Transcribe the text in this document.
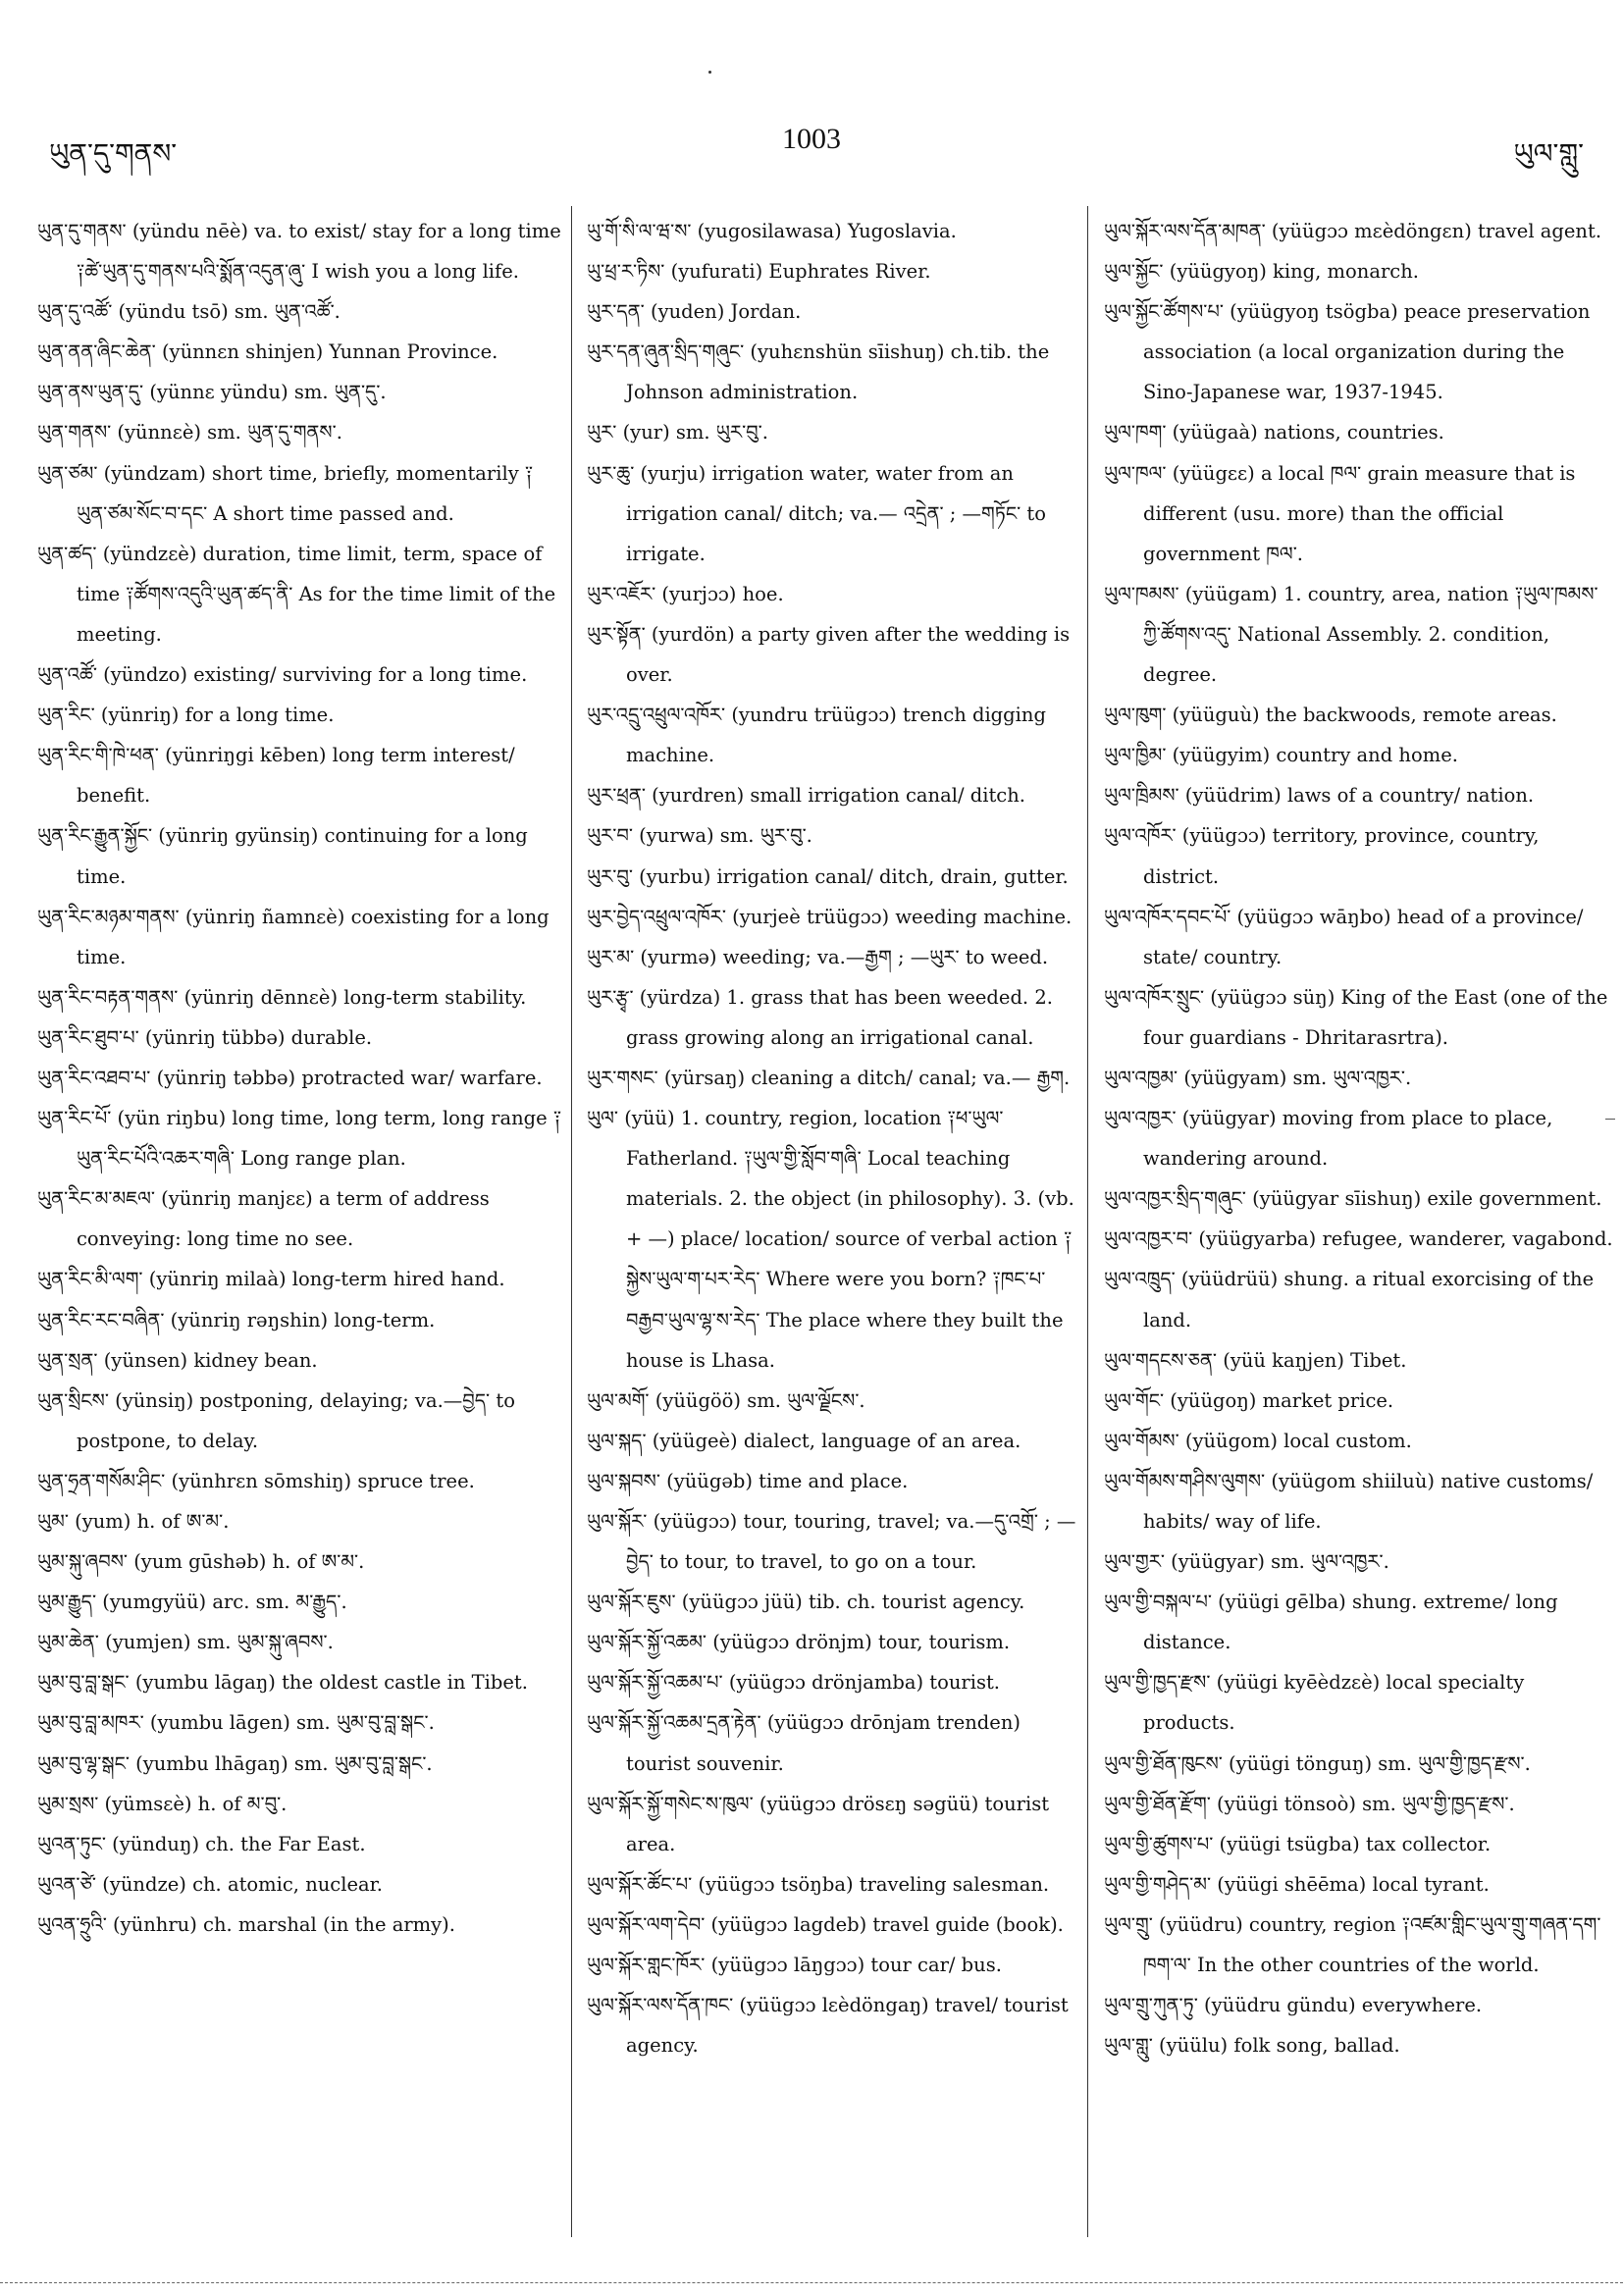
ཡུན་དུ་གནས་	1003	ཡུལ་གླུ་

ཡུན་དུ་གནས་ (yündu nēè) va. to exist/ stay for a long time ༑ཚེ་ཡུན་དུ་གནས་པའི་སྨོན་འདུན་ཞུ་ I wish you a long life.

ཡུན་དུ་འཚོ་ (yündu tsō) sm. ཡུན་འཚོ་.

ཡུན་ནན་ཞིང་ཆེན་ (yünnɛn shinjen) Yunnan Province.

ཡུན་ནས་ཡུན་དུ་ (yünnɛ yündu) sm. ཡུན་དུ་.

ཡུན་གནས་ (yünnɛè) sm. ཡུན་དུ་གནས་.

ཡུན་ཙམ་ (yündzam) short time, briefly, momentarily ༑ཡུན་ཙམ་སོང་བ་དང་ A short time passed and.

ཡུན་ཚད་ (yündzɛè) duration, time limit, term, space of time ༑ཚོགས་འདུའི་ཡུན་ཚད་ནི་ As for the time limit of the meeting.

ཡུན་འཚོ་ (yündzo) existing/ surviving for a long time.

ཡུན་རིང་ (yünriŋ) for a long time.

ཡུན་རིང་གི་ཁེ་ཕན་ (yünriŋgi kēben) long term interest/ benefit.

ཡུན་རིང་རྒྱུན་སྐྱོང་ (yünriŋ gyünsiŋ) continuing for a long time.

ཡུན་རིང་མཉམ་གནས་ (yünriŋ ñamnɛè) coexisting for a long time.

ཡུན་རིང་བརྟན་གནས་ (yünriŋ dēnnɛè) long-term stability.

ཡུན་རིང་ཐུབ་པ་ (yünriŋ tübbə) durable.

ཡུན་རིང་འཐབ་པ་ (yünriŋ təbbə) protracted war/ warfare.

ཡུན་རིང་པོ་ (yün riŋbu) long time, long term, long range ༑ཡུན་རིང་པོའི་འཆར་གཞི་ Long range plan.

ཡུན་རིང་མ་མཇལ་ (yünriŋ manjɛɛ) a term of address conveying: long time no see.

ཡུན་རིང་མི་ལག་ (yünriŋ milaà) long-term hired hand.

ཡུན་རིང་རང་བཞིན་ (yünriŋ rəŋshin) long-term.

ཡུན་སྲན་ (yünsen) kidney bean.

ཡུན་སྲིངས་ (yünsiŋ) postponing, delaying; va.—བྱེད་ to postpone, to delay.

ཡུན་ཧྲན་གསོམ་ཤིང་ (yünhrɛn sōmshiŋ) spruce tree.

ཡུམ་ (yum) h. of ཨ་མ་.

ཡུམ་སྐུ་ཞབས་ (yum gūshəb) h. of ཨ་མ་.

ཡུམ་རྒྱུད་ (yumgyüü) arc. sm. མ་རྒྱུད་.

ཡུམ་ཆེན་ (yumjen) sm. ཡུམ་སྐུ་ཞབས་.

ཡུམ་བུ་བླ་སྒང་ (yumbu lāgaŋ) the oldest castle in Tibet.

ཡུམ་བུ་བླ་མཁར་ (yumbu lāgen) sm. ཡུམ་བུ་བླ་སྒང་.

ཡུམ་བུ་ལྷ་སྒང་ (yumbu lhāgaŋ) sm. ཡུམ་བུ་བླ་སྒང་.

ཡུམ་སྲས་ (yümsɛè) h. of མ་བུ་.

ཡུའན་ཏུང་ (yünduŋ) ch. the Far East.

ཡུའན་ཙེ་ (yündze) ch. atomic, nuclear.

ཡུའན་ཧྲུའི་ (yünhru) ch. marshal (in the army).

ཡུ་གོ་སི་ལ་ཝ་ས་ (yugosilawasa) Yugoslavia.

ཡུ་ཕྲ་ར་ཏིས་ (yufurati) Euphrates River.

ཡུར་དན་ (yuden) Jordan.

ཡུར་དན་ཞུན་སྲིད་གཞུང་ (yuhɛnshün sīishuŋ) ch.tib. the Johnson administration.

ཡུར་ (yur) sm. ཡུར་བུ་.

ཡུར་ཆུ་ (yurju) irrigation water, water from an irrigation canal/ ditch; va.— འདྲེན་ ; —གཏོང་ to irrigate.

ཡུར་འཇོར་ (yurjɔɔ) hoe.

ཡུར་སྟོན་ (yurdön) a party given after the wedding is over.

ཡུར་འདྲུ་འཕྲུལ་འཁོར་ (yundru trüügɔɔ) trench digging machine.

ཡུར་ཕྲན་ (yurdren) small irrigation canal/ ditch.

ཡུར་བ་ (yurwa) sm. ཡུར་བུ་.

ཡུར་བུ་ (yurbu) irrigation canal/ ditch, drain, gutter.

ཡུར་བྱེད་འཕྲུལ་འཁོར་ (yurjeè trüügɔɔ) weeding machine.

ཡུར་མ་ (yurmə) weeding; va.—རྒྱག ; —ཡུར་ to weed.

ཡུར་རྩྭ་ (yürdza) 1. grass that has been weeded. 2. grass growing along an irrigational canal.

ཡུར་གསང་ (yürsaŋ) cleaning a ditch/ canal; va.— རྒྱག.

ཡུལ་ (yüü) 1. country, region, location ༑ཕ་ཡུལ་ Fatherland. ༑ཡུལ་གྱི་སློབ་གཞི་ Local teaching materials. 2. the object (in philosophy). 3. (vb. + —) place/ location/ source of verbal action ༑སྐྱེས་ཡུལ་ག་པར་རེད་ Where were you born? ༑ཁང་པ་བརྒྱབ་ཡུལ་ལྷ་ས་རེད་ The place where they built the house is Lhasa.

ཡུལ་མགོ་ (yüügöö) sm. ཡུལ་ལྗོངས་.

ཡུལ་སྐད་ (yüügeè) dialect, language of an area.

ཡུལ་སྐབས་ (yüügəb) time and place.

ཡུལ་སྐོར་ (yüügɔɔ) tour, touring, travel; va.—དུ་འགྲོ་ ; —བྱེད་ to tour, to travel, to go on a tour.

ཡུལ་སྐོར་ཇུས་ (yüügɔɔ jüü) tib. ch. tourist agency.

ཡུལ་སྐོར་སྐྱོ་འཆམ་ (yüügɔɔ drönjm) tour, tourism.

ཡུལ་སྐོར་སྐྱོ་འཆམ་པ་ (yüügɔɔ drönjamba) tourist.

ཡུལ་སྐོར་སྐྱོ་འཆམ་དྲན་རྟེན་ (yüügɔɔ drōnjam trenden) tourist souvenir.

ཡུལ་སྐོར་སྐྱོ་གསེང་ས་ཁུལ་ (yüügɔɔ drösɛŋ səgüü) tourist area.

ཡུལ་སྐོར་ཚོང་པ་ (yüügɔɔ tsöŋba) traveling salesman.

ཡུལ་སྐོར་ལག་དེབ་ (yüügɔɔ lagdeb) travel guide (book).

ཡུལ་སྐོར་གླང་ཁོར་ (yüügɔɔ lāŋgɔɔ) tour car/ bus.

ཡུལ་སྐོར་ལས་དོན་ཁང་ (yüügɔɔ lɛèdöngaŋ) travel/ tourist agency.

ཡུལ་སྐོར་ལས་དོན་མཁན་ (yüügɔɔ mɛèdöngɛn) travel agent.

ཡུལ་སྐྱོང་ (yüügyoŋ) king, monarch.

ཡུལ་སྐྱོང་ཚོགས་པ་ (yüügyoŋ tsögba) peace preservation association (a local organization during the Sino-Japanese war, 1937-1945.

ཡུལ་ཁག་ (yüügaà) nations, countries.

ཡུལ་ཁལ་ (yüügɛɛ) a local ཁལ་ grain measure that is different (usu. more) than the official government ཁལ་.

ཡུལ་ཁམས་ (yüügam) 1. country, area, nation ༑ཡུལ་ཁམས་ཀྱི་ཚོགས་འདུ་ National Assembly. 2. condition, degree.

ཡུལ་ཁུག་ (yüüguù) the backwoods, remote areas.

ཡུལ་ཁྱིམ་ (yüügyim) country and home.

ཡུལ་ཁྲིམས་ (yüüdrim) laws of a country/ nation.

ཡུལ་འཁོར་ (yüügɔɔ) territory, province, country, district.

ཡུལ་འཁོར་དབང་པོ་ (yüügɔɔ wāŋbo) head of a province/ state/ country.

ཡུལ་འཁོར་སྲུང་ (yüügɔɔ süŋ) King of the East (one of the four guardians - Dhritarasrtra).

ཡུལ་འཁྱམ་ (yüügyam) sm. ཡུལ་འཁྱར་.

ཡུལ་འཁྱར་ (yüügyar) moving from place to place, wandering around.

ཡུལ་འཁྱར་སྲིད་གཞུང་ (yüügyar sīishuŋ) exile government.

ཡུལ་འཁྱར་བ་ (yüügyarba) refugee, wanderer, vagabond.

ཡུལ་འཁྲུད་ (yüüdrüü) shung. a ritual exorcising of the land.

ཡུལ་གདངས་ཅན་ (yüü kaŋjen) Tibet.

ཡུལ་གོང་ (yüügoŋ) market price.

ཡུལ་གོམས་ (yüügom) local custom.

ཡུལ་གོམས་གཤིས་ལུགས་ (yüügom shiiluù) native customs/ habits/ way of life.

ཡུལ་གྱར་ (yüügyar) sm. ཡུལ་འཁྱར་.

ཡུལ་གྱི་བསྐལ་པ་ (yüügi gēlba) shung. extreme/ long distance.

ཡུལ་གྱི་ཁྱད་རྫས་ (yüügi kyēèdzɛè) local specialty products.

ཡུལ་གྱི་ཐོན་ཁུངས་ (yüügi tönguŋ) sm. ཡུལ་གྱི་ཁྱད་རྫས་.

ཡུལ་གྱི་ཐོན་རྫོག་ (yüügi tönsoò) sm. ཡུལ་གྱི་ཁྱད་རྫས་.

ཡུལ་གྱི་ཚུགས་པ་ (yüügi tsügba) tax collector.

ཡུལ་གྱི་གཤེད་མ་ (yüügi shēēma) local tyrant.

ཡུལ་གྲུ་ (yüüdru) country, region ༑འཛམ་གླིང་ཡུལ་གྲུ་གཞན་དག་ཁག་ལ་ In the other countries of the world.

ཡུལ་གྲུ་ཀུན་ཏུ་ (yüüdru gündu) everywhere.

ཡུལ་གླུ་ (yüülu) folk song, ballad.
